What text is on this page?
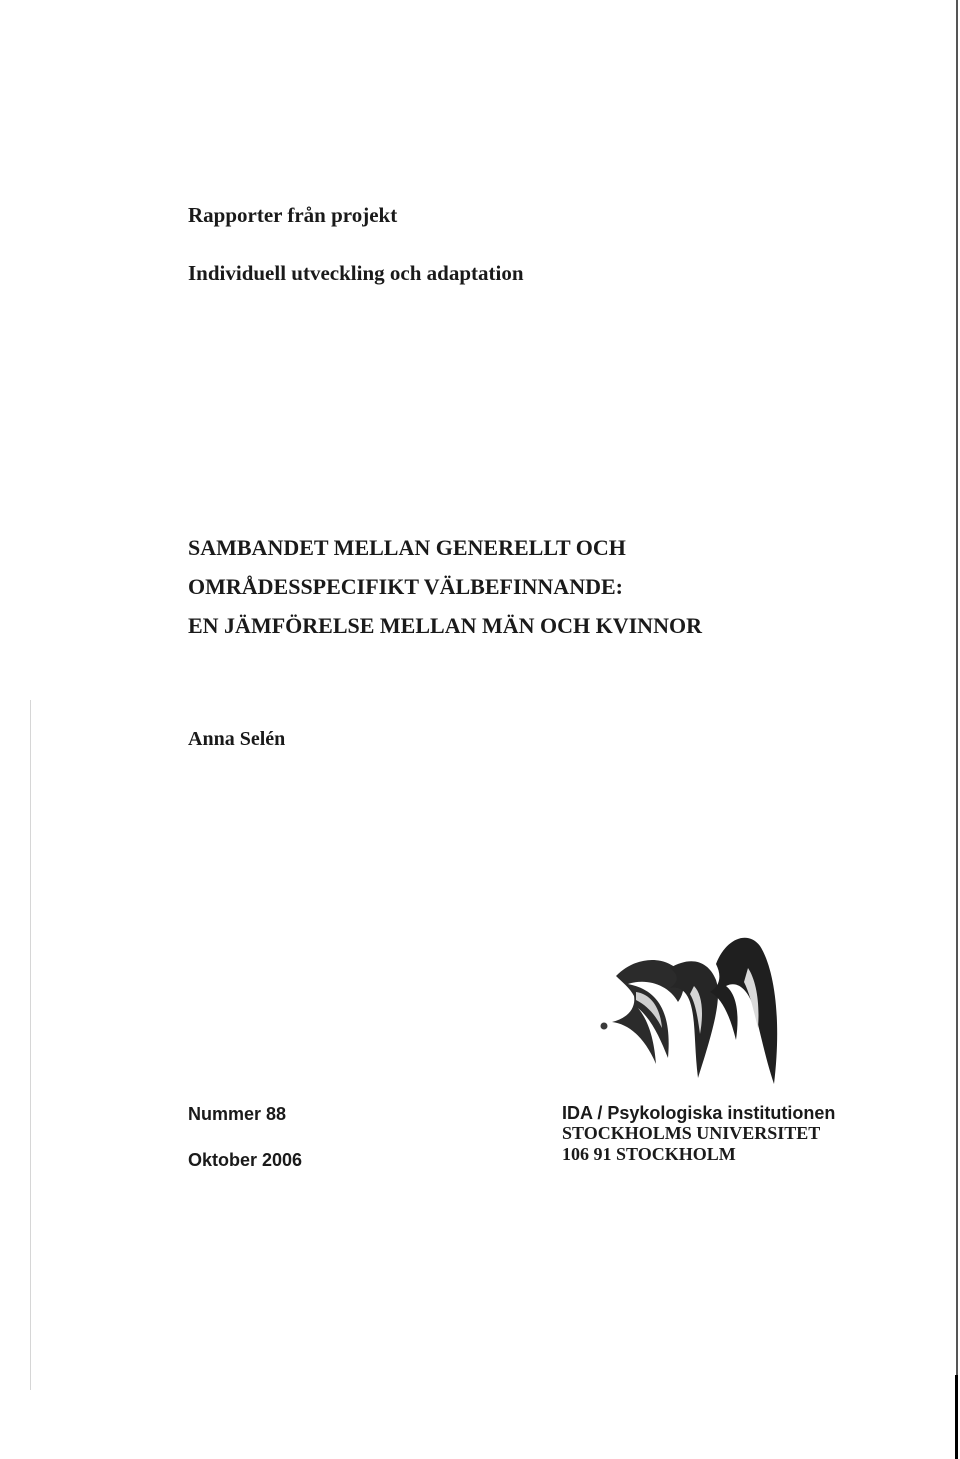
Rapporter från projekt

Individuell utveckling och adaptation

SAMBANDET MELLAN GENERELLT OCH
OMRÅDESSPECIFIKT VÄLBEFINNANDE:
EN JÄMFÖRELSE MELLAN MÄN OCH KVINNOR

Anna Selén

Nummer 88

Oktober 2006

IDA / Psykologiska institutionen
STOCKHOLMS UNIVERSITET
106 91 STOCKHOLM
